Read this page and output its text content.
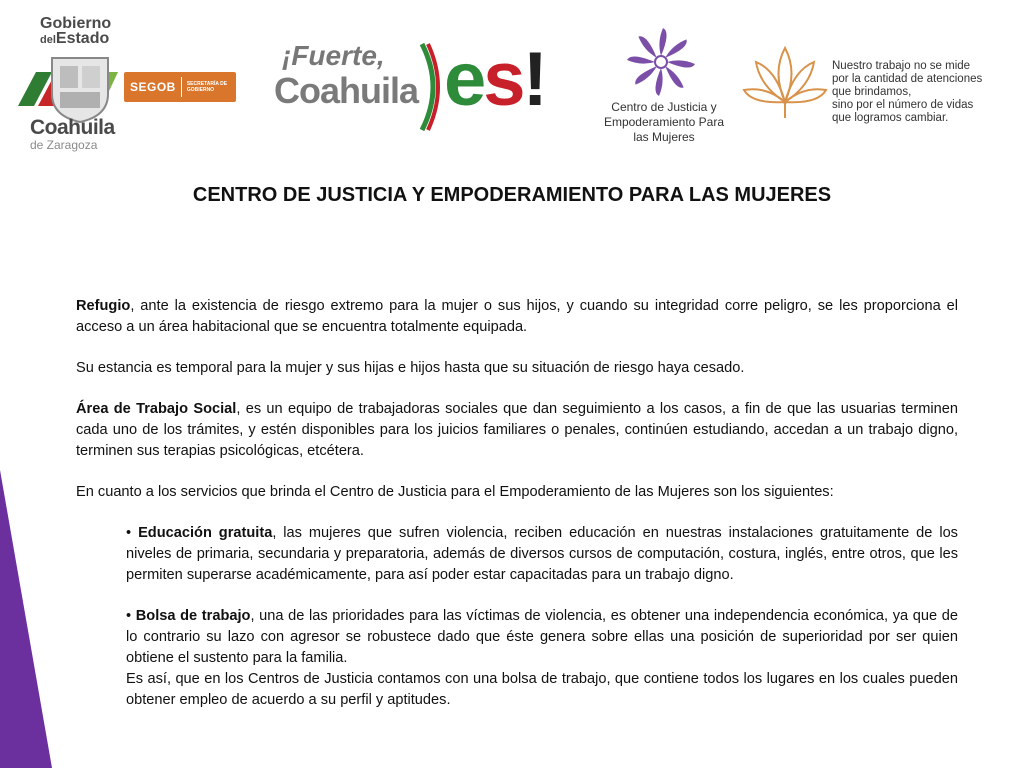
Gobierno
delEstado
SEGOB SECRETARÍA DE GOBIERNO
Coahuila
de Zaragoza
¡Fuerte,
Coahuila es!	Centro de Justicia y Empoderamiento Para las Mujeres
Nuestro trabajo no se mide
por la cantidad de atenciones
que brindamos,
sino por el número de vidas
que logramos cambiar.
CENTRO DE JUSTICIA Y EMPODERAMIENTO PARA LAS MUJERES

Refugio, ante la existencia de riesgo extremo para la mujer o sus hijos, y cuando su integridad corre peligro, se les proporciona el acceso a un área habitacional que se encuentra totalmente equipada.

Su estancia es temporal para la mujer y sus hijas e hijos hasta que su situación de riesgo haya cesado.

Área de Trabajo Social, es un equipo de trabajadoras sociales que dan seguimiento a los casos, a fin de que las usuarias terminen cada uno de los trámites, y estén disponibles para los juicios familiares o penales, continúen estudiando, accedan a un trabajo digno, terminen sus terapias psicológicas, etcétera.

En cuanto a los servicios que brinda el Centro de Justicia para el Empoderamiento de las Mujeres son los siguientes:

• Educación gratuita, las mujeres que sufren violencia, reciben educación en nuestras instalaciones gratuitamente de los niveles de primaria, secundaria y preparatoria, además de diversos cursos de computación, costura, inglés, entre otros, que les permiten superarse académicamente, para así poder estar capacitadas para un trabajo digno.

• Bolsa de trabajo, una de las prioridades para las víctimas de violencia, es obtener una independencia económica, ya que de lo contrario su lazo con agresor se robustece dado que éste genera sobre ellas una posición de superioridad por ser quien obtiene el sustento para la familia.

Es así, que en los Centros de Justicia contamos con una bolsa de trabajo, que contiene todos los lugares en los cuales pueden obtener empleo de acuerdo a su perfil y aptitudes.
